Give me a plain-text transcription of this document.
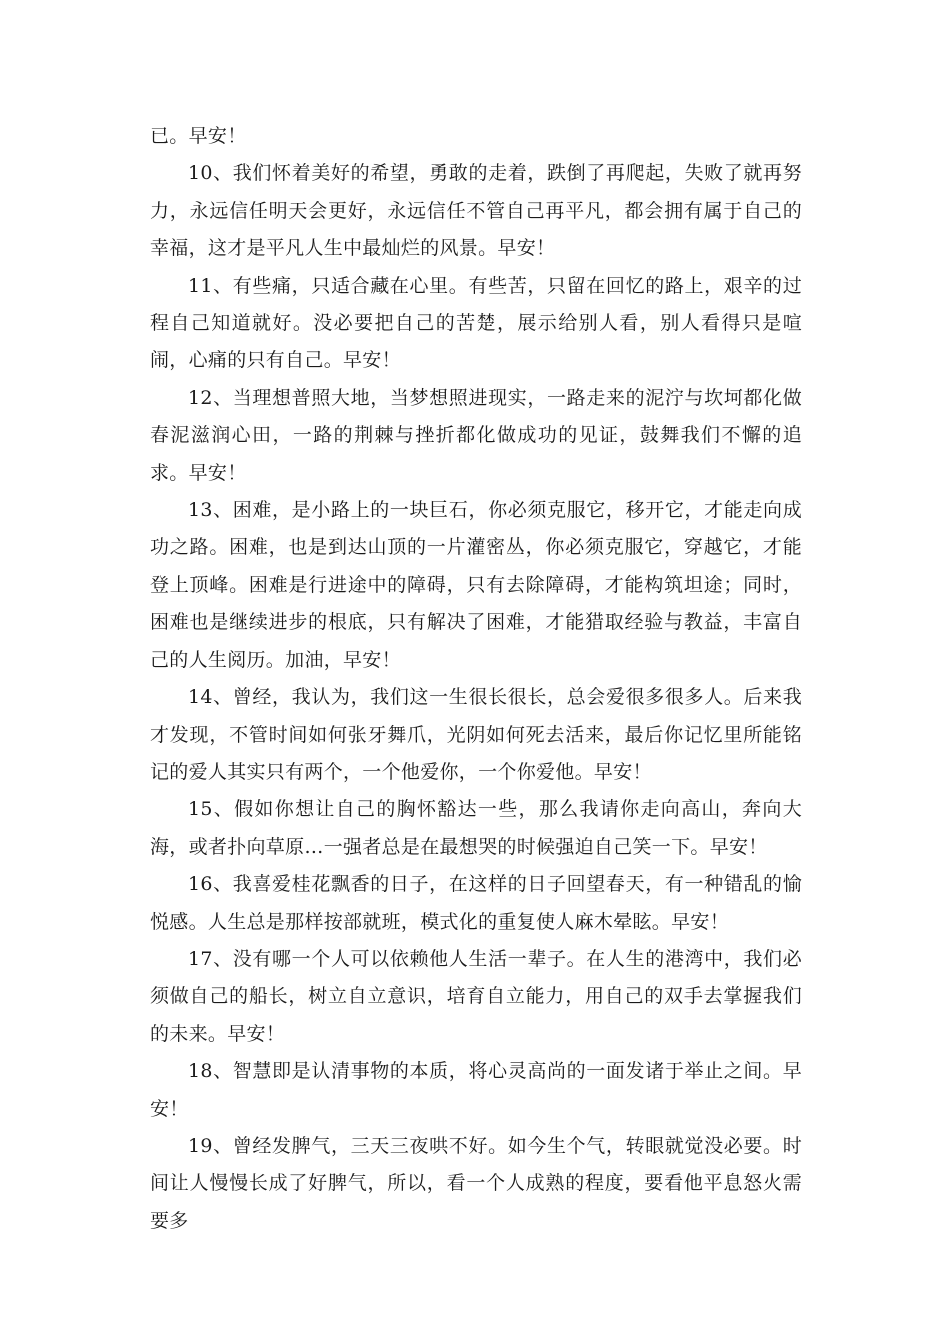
已。早安！

10、我们怀着美好的希望，勇敢的走着，跌倒了再爬起，失败了就再努力，永远信任明天会更好，永远信任不管自己再平凡，都会拥有属于自己的幸福，这才是平凡人生中最灿烂的风景。早安！

11、有些痛，只适合藏在心里。有些苦，只留在回忆的路上，艰辛的过程自己知道就好。没必要把自己的苦楚，展示给别人看，别人看得只是喧闹，心痛的只有自己。早安！

12、当理想普照大地，当梦想照进现实，一路走来的泥泞与坎坷都化做春泥滋润心田，一路的荆棘与挫折都化做成功的见证，鼓舞我们不懈的追求。早安！

13、困难，是小路上的一块巨石，你必须克服它，移开它，才能走向成功之路。困难，也是到达山顶的一片灌密丛，你必须克服它，穿越它，才能登上顶峰。困难是行进途中的障碍，只有去除障碍，才能构筑坦途；同时，困难也是继续进步的根底，只有解决了困难，才能猎取经验与教益，丰富自己的人生阅历。加油，早安！

14、曾经，我认为，我们这一生很长很长，总会爱很多很多人。后来我才发现，不管时间如何张牙舞爪，光阴如何死去活来，最后你记忆里所能铭记的爱人其实只有两个，一个他爱你，一个你爱他。早安！

15、假如你想让自己的胸怀豁达一些，那么我请你走向高山，奔向大海，或者扑向草原…一强者总是在最想哭的时候强迫自己笑一下。早安！

16、我喜爱桂花飘香的日子，在这样的日子回望春天，有一种错乱的愉悦感。人生总是那样按部就班，模式化的重复使人麻木晕眩。早安！

17、没有哪一个人可以依赖他人生活一辈子。在人生的港湾中，我们必须做自己的船长，树立自立意识，培育自立能力，用自己的双手去掌握我们的未来。早安！

18、智慧即是认清事物的本质，将心灵高尚的一面发诸于举止之间。早安！

19、曾经发脾气，三天三夜哄不好。如今生个气，转眼就觉没必要。时间让人慢慢长成了好脾气，所以，看一个人成熟的程度，要看他平息怒火需要多
